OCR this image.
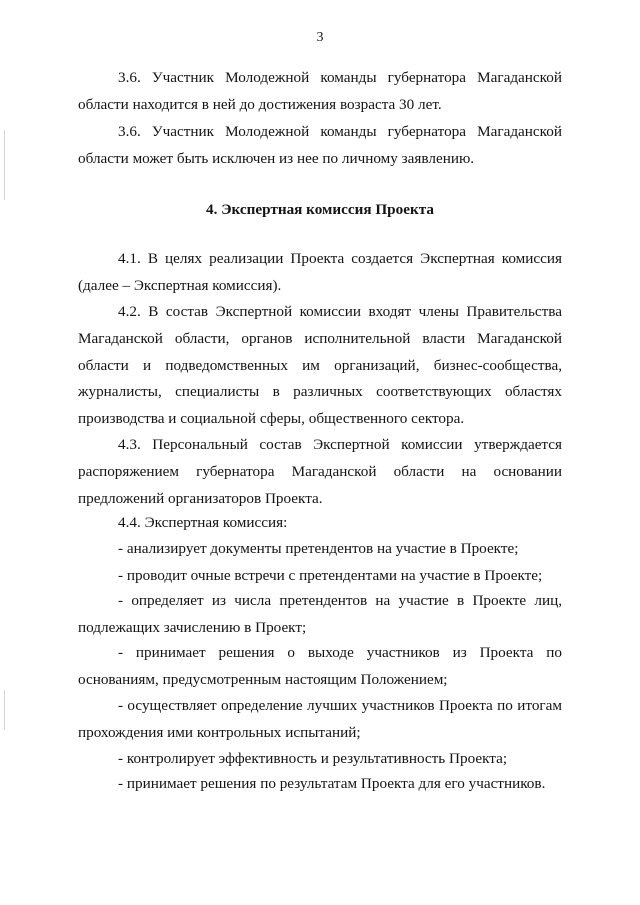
3

3.6. Участник Молодежной команды губернатора Магаданской области находится в ней до достижения возраста 30 лет.

3.6. Участник Молодежной команды губернатора Магаданской области может быть исключен из нее по личному заявлению.

4. Экспертная комиссия Проекта

4.1. В целях реализации Проекта создается Экспертная комиссия (далее – Экспертная комиссия).

4.2. В состав Экспертной комиссии входят члены Правительства Магаданской области, органов исполнительной власти Магаданской области и подведомственных им организаций, бизнес-сообщества, журналисты, специалисты в различных соответствующих областях производства и социальной сферы, общественного сектора.

4.3. Персональный состав Экспертной комиссии утверждается распоряжением губернатора Магаданской области на основании предложений организаторов Проекта.

4.4. Экспертная комиссия:

- анализирует документы претендентов на участие в Проекте;

- проводит очные встречи с претендентами на участие в Проекте;

- определяет из числа претендентов на участие в Проекте лиц, подлежащих зачислению в Проект;

- принимает решения о выходе участников из Проекта по основаниям, предусмотренным настоящим Положением;

- осуществляет определение лучших участников Проекта по итогам прохождения ими контрольных испытаний;

- контролирует эффективность и результативность Проекта;

- принимает решения по результатам Проекта для его участников.
